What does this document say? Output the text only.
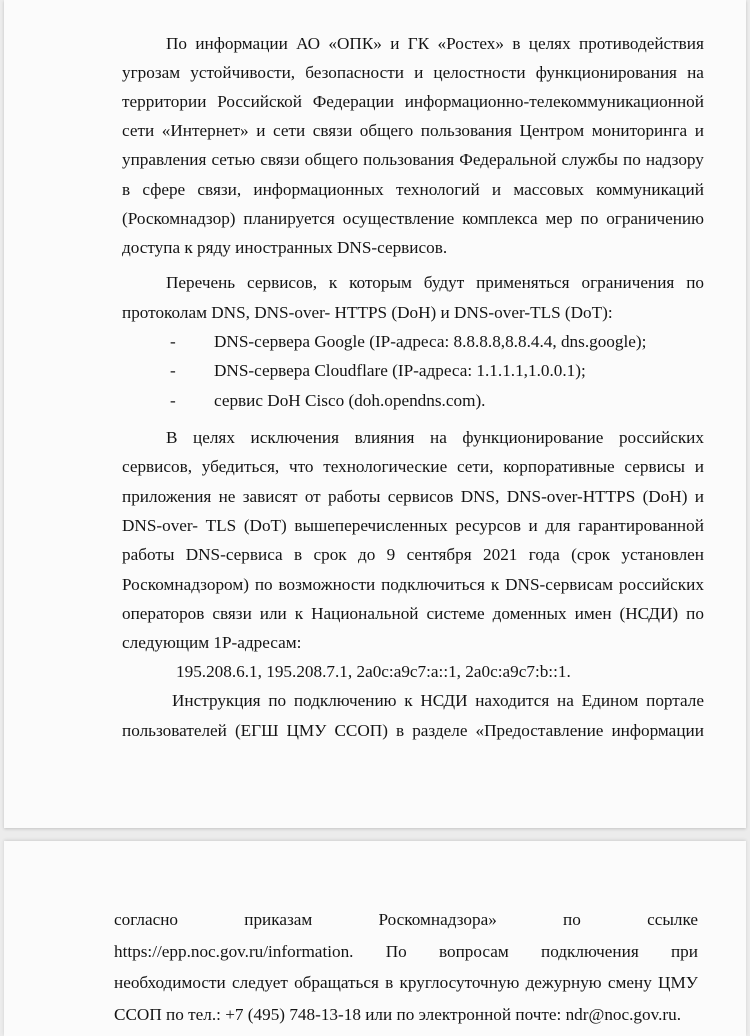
По информации АО «ОПК» и ГК «Ростех» в целях противодействия
угрозам устойчивости, безопасности и целостности функционирования на
территории Российской Федерации информационно-телекоммуникационной
сети «Интернет» и сети связи общего пользования Центром мониторинга и
управления сетью связи общего пользования Федеральной службы по надзору
в сфере связи, информационных технологий и массовых коммуникаций
(Роскомнадзор) планируется осуществление комплекса мер по ограничению
доступа к ряду иностранных DNS-сервисов.
Перечень сервисов, к которым будут применяться ограничения по
протоколам DNS, DNS-over- HTTPS (DoH) и DNS-over-TLS (DoT):
- DNS-сервера Google (IP-адреса: 8.8.8.8,8.8.4.4, dns.google);
- DNS-сервера Cloudflare (IP-адреса: 1.1.1.1,1.0.0.1);
- сервис DoH Cisco (doh.opendns.com).
В целях исключения влияния на функционирование российских
сервисов, убедиться, что технологические сети, корпоративные сервисы и
приложения не зависят от работы сервисов DNS, DNS-over-HTTPS (DoH) и
DNS-over- TLS (DoT) вышеперечисленных ресурсов и для гарантированной
работы DNS-сервиса в срок до 9 сентября 2021 года (срок установлен
Роскомнадзором) по возможности подключиться к DNS-сервисам российских
операторов связи или к Национальной системе доменных имен (НСДИ) по
следующим 1P-адресам:
195.208.6.1, 195.208.7.1, 2a0c:a9c7:a::1, 2a0c:a9c7:b::1.
Инструкция по подключению к НСДИ находится на Едином портале
пользователей (ЕГШ ЦМУ ССОП) в разделе «Предоставление информации
согласно	приказам	Роскомнадзора»	по	ссылке
https://epp.noc.gov.ru/information. По вопросам подключения при
необходимости следует обращаться в круглосуточную дежурную смену ЦМУ
ССОП по тел.: +7 (495) 748-13-18 или по электронной почте: ndr@noc.gov.ru.
